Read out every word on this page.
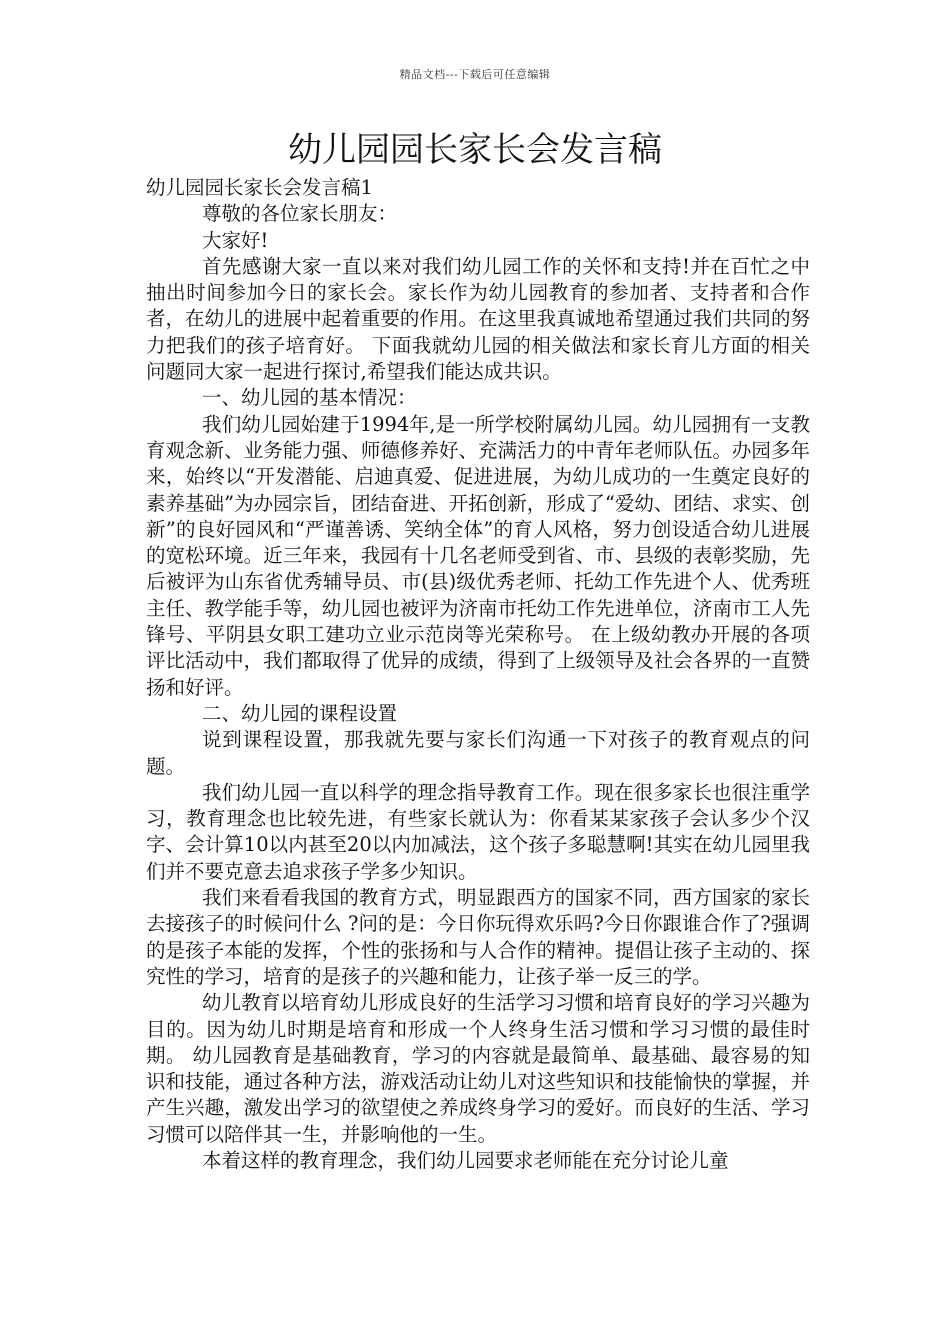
精品文档---下载后可任意编辑
幼儿园园长家长会发言稿

幼儿园园长家长会发言稿1

尊敬的各位家长朋友：

大家好!

首先感谢大家一直以来对我们幼儿园工作的关怀和支持!并在百忙之中抽出时间参加今日的家长会。家长作为幼儿园教育的参加者、支持者和合作者，在幼儿的进展中起着重要的作用。在这里我真诚地希望通过我们共同的努力把我们的孩子培育好。 下面我就幼儿园的相关做法和家长育儿方面的相关问题同大家一起进行探讨,希望我们能达成共识。

一、幼儿园的基本情况：

我们幼儿园始建于1994年,是一所学校附属幼儿园。幼儿园拥有一支教育观念新、业务能力强、师德修养好、充满活力的中青年老师队伍。办园多年来，始终以“开发潜能、启迪真爱、促进进展，为幼儿成功的一生奠定良好的素养基础”为办园宗旨，团结奋进、开拓创新，形成了“爱幼、团结、求实、创新”的良好园风和“严谨善诱、笑纳全体”的育人风格，努力创设适合幼儿进展的宽松环境。近三年来，我园有十几名老师受到省、市、县级的表彰奖励，先后被评为山东省优秀辅导员、市(县)级优秀老师、托幼工作先进个人、优秀班主任、教学能手等，幼儿园也被评为济南市托幼工作先进单位，济南市工人先锋号、平阴县女职工建功立业示范岗等光荣称号。 在上级幼教办开展的各项评比活动中，我们都取得了优异的成绩，得到了上级领导及社会各界的一直赞扬和好评。

二、幼儿园的课程设置

说到课程设置，那我就先要与家长们沟通一下对孩子的教育观点的问题。

我们幼儿园一直以科学的理念指导教育工作。现在很多家长也很注重学习，教育理念也比较先进，有些家长就认为：你看某某家孩子会认多少个汉字、会计算10以内甚至20以内加减法，这个孩子多聪慧啊!其实在幼儿园里我们并不要克意去追求孩子学多少知识。

我们来看看我国的教育方式，明显跟西方的国家不同，西方国家的家长去接孩子的时候问什么 ?问的是：今日你玩得欢乐吗?今日你跟谁合作了?强调的是孩子本能的发挥，个性的张扬和与人合作的精神。提倡让孩子主动的、探究性的学习，培育的是孩子的兴趣和能力，让孩子举一反三的学。

幼儿教育以培育幼儿形成良好的生活学习习惯和培育良好的学习兴趣为目的。因为幼儿时期是培育和形成一个人终身生活习惯和学习习惯的最佳时期。 幼儿园教育是基础教育，学习的内容就是最简单、最基础、最容易的知识和技能，通过各种方法，游戏活动让幼儿对这些知识和技能愉快的掌握，并产生兴趣，激发出学习的欲望使之养成终身学习的爱好。而良好的生活、学习习惯可以陪伴其一生，并影响他的一生。

本着这样的教育理念，我们幼儿园要求老师能在充分讨论儿童
